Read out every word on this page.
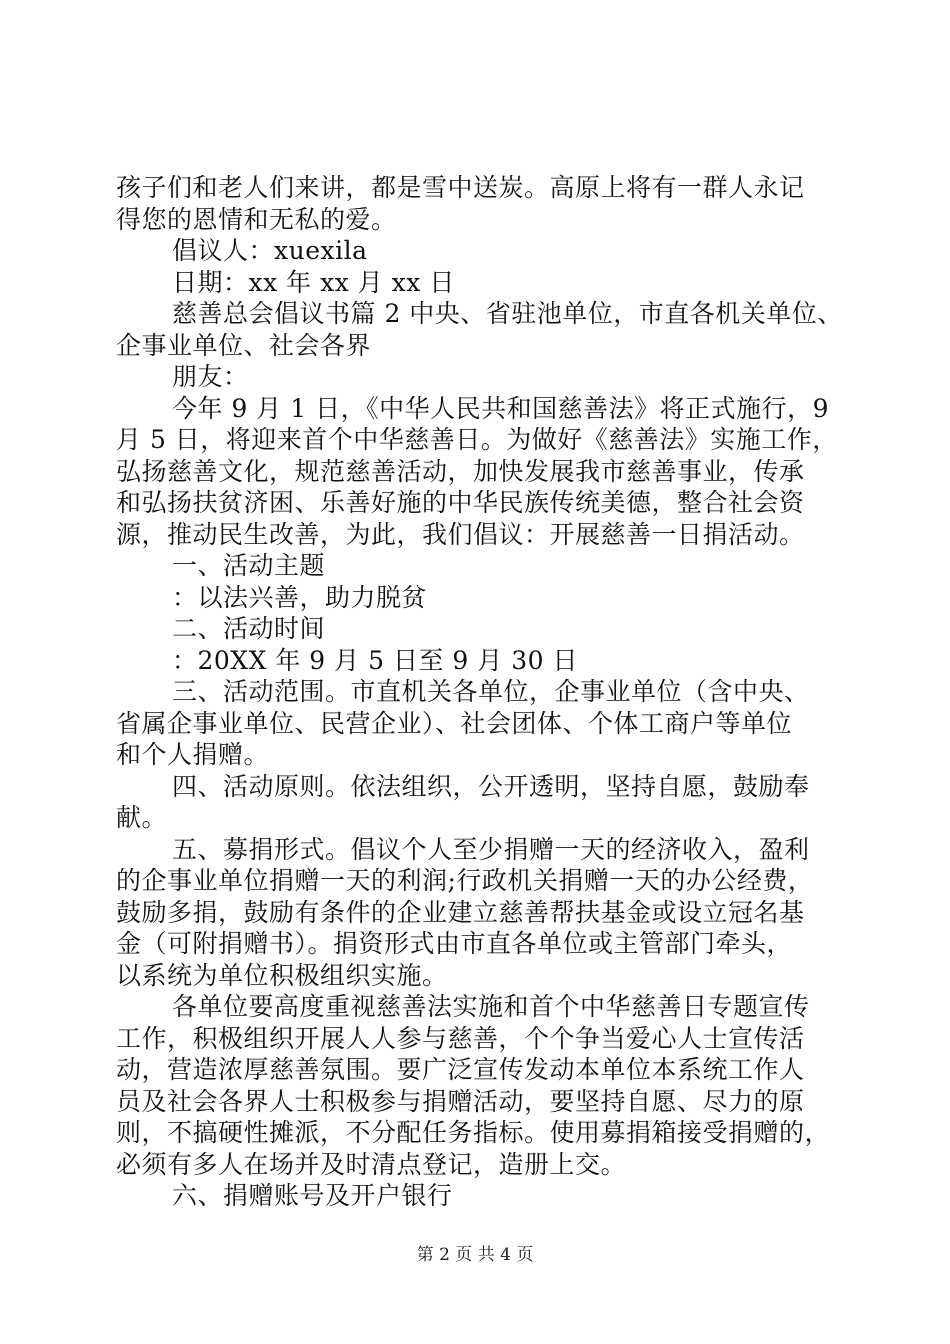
孩子们和老人们来讲，都是雪中送炭。高原上将有一群人永记
得您的恩情和无私的爱。
倡议人：xuexila
日期：xx 年 xx 月 xx 日
慈善总会倡议书篇 2 中央、省驻池单位，市直各机关单位、
企事业单位、社会各界
朋友：
今年 9 月 1 日，《中华人民共和国慈善法》将正式施行，9
月 5 日，将迎来首个中华慈善日。为做好《慈善法》实施工作，
弘扬慈善文化，规范慈善活动，加快发展我市慈善事业，传承
和弘扬扶贫济困、乐善好施的中华民族传统美德，整合社会资
源，推动民生改善，为此，我们倡议：开展慈善一日捐活动。
一、活动主题
：以法兴善，助力脱贫
二、活动时间
：20XX 年 9 月 5 日至 9 月 30 日
三、活动范围。市直机关各单位，企事业单位（含中央、
省属企事业单位、民营企业）、社会团体、个体工商户等单位
和个人捐赠。
四、活动原则。依法组织，公开透明，坚持自愿，鼓励奉
献。
五、募捐形式。倡议个人至少捐赠一天的经济收入，盈利
的企事业单位捐赠一天的利润;行政机关捐赠一天的办公经费，
鼓励多捐，鼓励有条件的企业建立慈善帮扶基金或设立冠名基
金（可附捐赠书）。捐资形式由市直各单位或主管部门牵头，
以系统为单位积极组织实施。
各单位要高度重视慈善法实施和首个中华慈善日专题宣传
工作，积极组织开展人人参与慈善，个个争当爱心人士宣传活
动，营造浓厚慈善氛围。要广泛宣传发动本单位本系统工作人
员及社会各界人士积极参与捐赠活动，要坚持自愿、尽力的原
则，不搞硬性摊派，不分配任务指标。使用募捐箱接受捐赠的，
必须有多人在场并及时清点登记，造册上交。
六、捐赠账号及开户银行
第 2 页 共 4 页
